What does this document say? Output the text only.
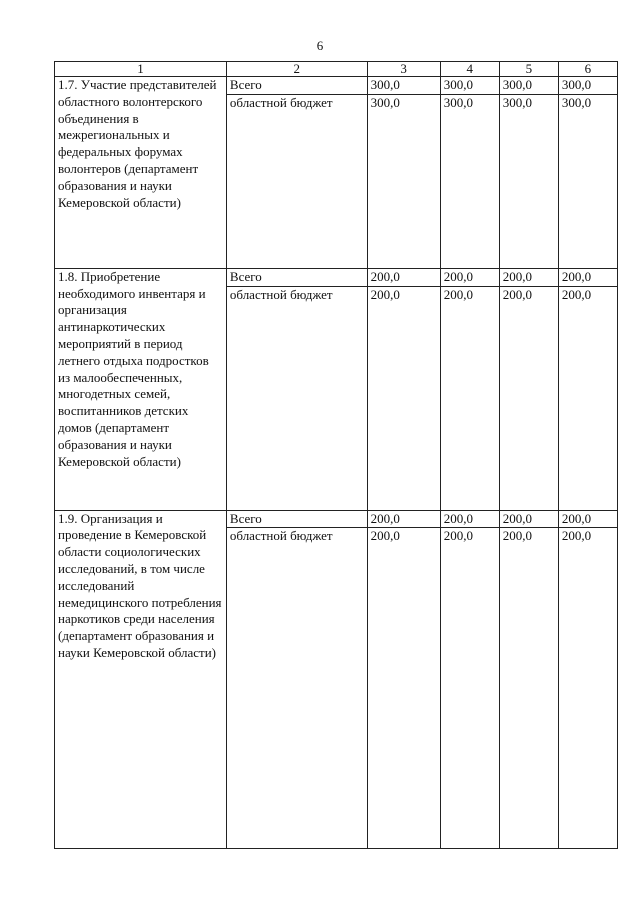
6
1	2	3	4	5	6
1.7. Участие представителей областного волонтерского объединения в межрегиональных и федеральных форумах волонтеров (департамент образования и науки Кемеровской области)	Всего	300,0	300,0	300,0	300,0
	областной бюджет	300,0	300,0	300,0	300,0
1.8. Приобретение необходимого инвентаря и организация антинаркотических мероприятий в период летнего отдыха подростков из малообеспеченных, многодетных семей, воспитанников детских домов (департамент образования и науки Кемеровской области)	Всего	200,0	200,0	200,0	200,0
	областной бюджет	200,0	200,0	200,0	200,0
1.9. Организация и проведение в Кемеровской области социологических исследований, в том числе исследований немедицинского потребления наркотиков среди населения (департамент образования и науки Кемеровской области)	Всего	200,0	200,0	200,0	200,0
	областной бюджет	200,0	200,0	200,0	200,0
